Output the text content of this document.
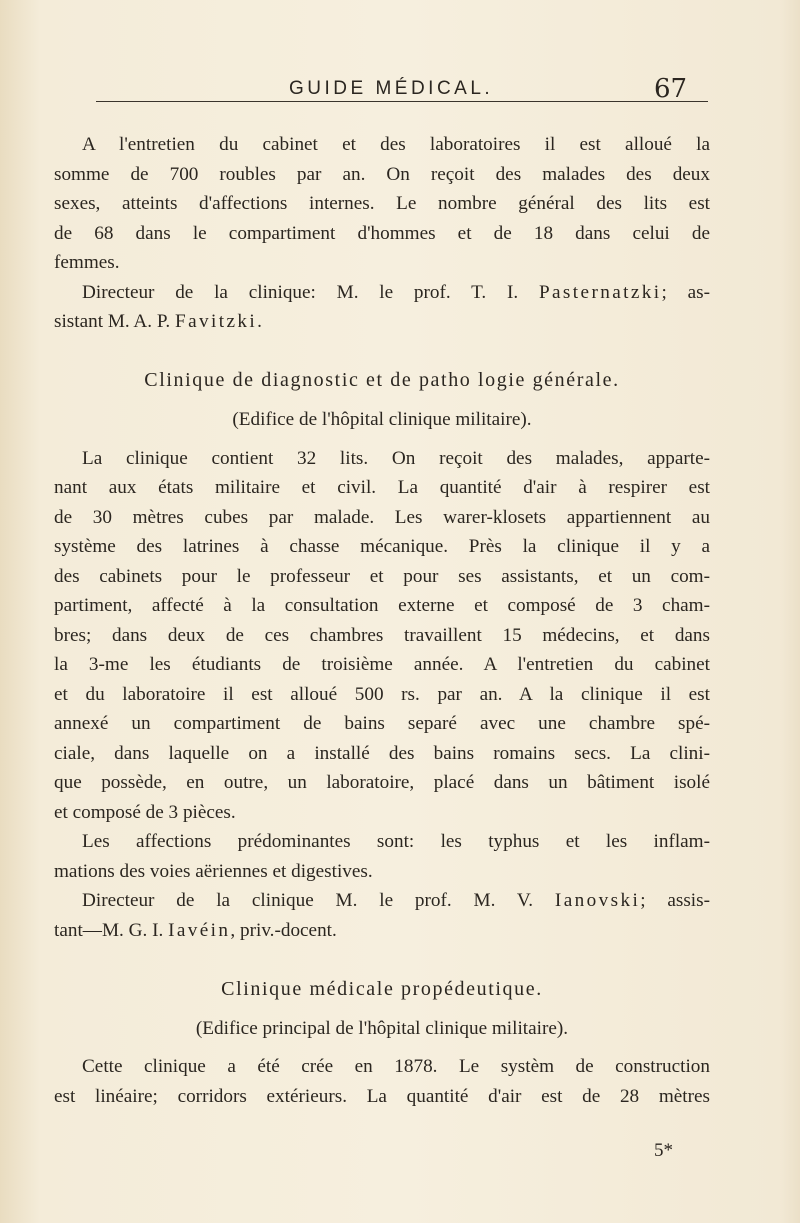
GUIDE MÉDICAL.	67
A l'entretien du cabinet et des laboratoires il est alloué la
somme de 700 roubles par an. On reçoit des malades des deux
sexes, atteints d'affections internes. Le nombre général des lits est
de 68 dans le compartiment d'hommes et de 18 dans celui de
femmes.
Directeur de la clinique: M. le prof. T. I. Pasternatzki; as-
sistant M. A. P. Favitzki.
Clinique de diagnostic et de patho logie générale.
(Edifice de l'hôpital clinique militaire).
La clinique contient 32 lits. On reçoit des malades, apparte-
nant aux états militaire et civil. La quantité d'air à respirer est
de 30 mètres cubes par malade. Les warer-klosets appartiennent au
système des latrines à chasse mécanique. Près la clinique il y a
des cabinets pour le professeur et pour ses assistants, et un com-
partiment, affecté à la consultation externe et composé de 3 cham-
bres; dans deux de ces chambres travaillent 15 médecins, et dans
la 3-me les étudiants de troisième année. A l'entretien du cabinet
et du laboratoire il est alloué 500 rs. par an. A la clinique il est
annexé un compartiment de bains separé avec une chambre spé-
ciale, dans laquelle on a installé des bains romains secs. La clini-
que possède, en outre, un laboratoire, placé dans un bâtiment isolé
et composé de 3 pièces.
Les affections prédominantes sont: les typhus et les inflam-
mations des voies aëriennes et digestives.
Directeur de la clinique M. le prof. M. V. Ianovski; assis-
tant—M. G. I. Iavéin, priv.-docent.
Clinique médicale propédeutique.
(Edifice principal de l'hôpital clinique militaire).
Cette clinique a été crée en 1878. Le systèm de construction
est linéaire; corridors extérieurs. La quantité d'air est de 28 mètres
5*
